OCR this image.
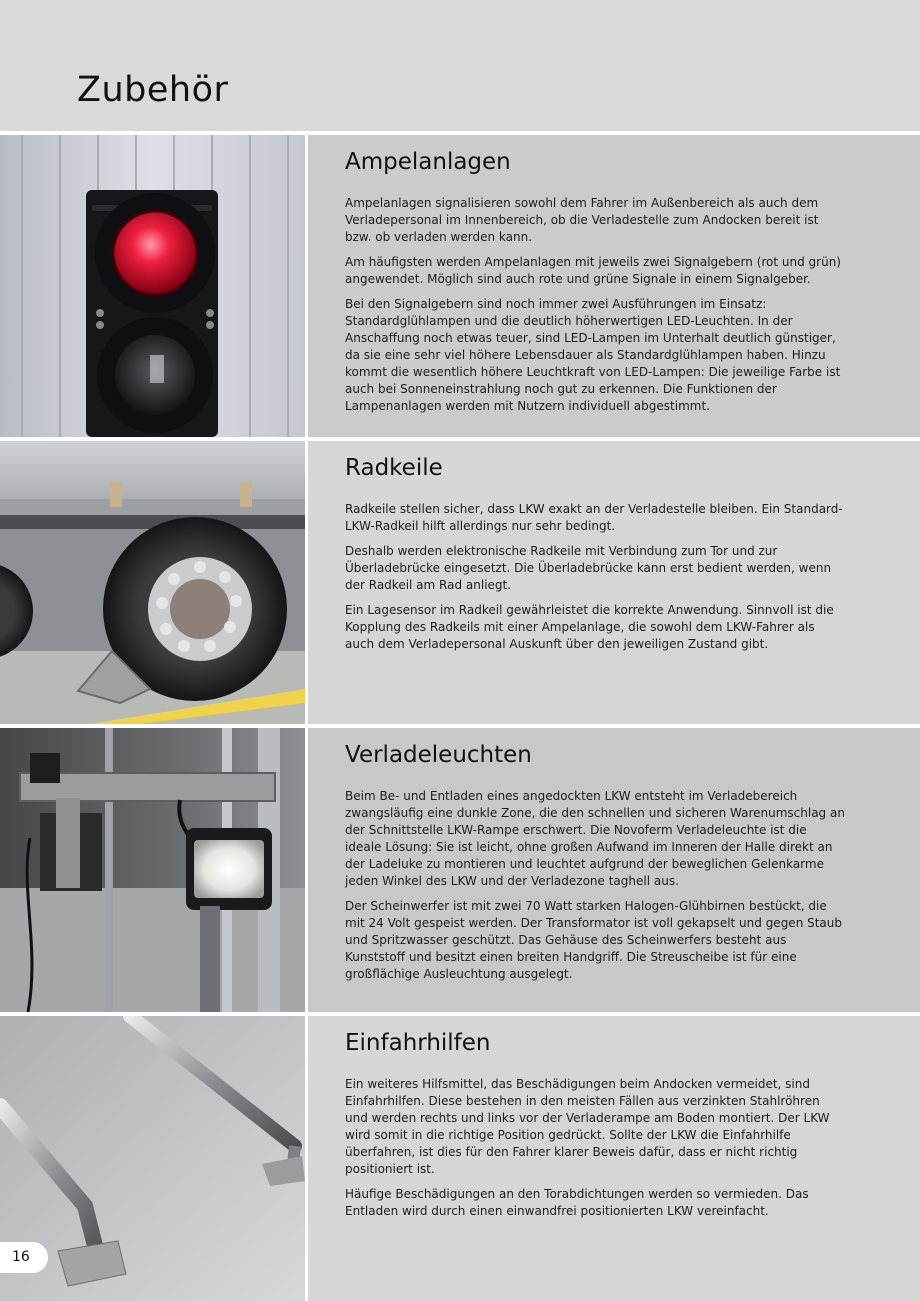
Zubehör
Ampelanlagen

Ampelanlagen signalisieren sowohl dem Fahrer im Außenbereich als auch dem Verladepersonal im Innenbereich, ob die Verladestelle zum Andocken bereit ist bzw. ob verladen werden kann.

Am häufigsten werden Ampelanlagen mit jeweils zwei Signalgebern (rot und grün) angewendet. Möglich sind auch rote und grüne Signale in einem Signalgeber.

Bei den Signalgebern sind noch immer zwei Ausführungen im Einsatz: Standardglühlampen und die deutlich höherwertigen LED-Leuchten. In der Anschaffung noch etwas teuer, sind LED-Lampen im Unterhalt deutlich günstiger, da sie eine sehr viel höhere Lebensdauer als Standardglühlampen haben. Hinzu kommt die wesentlich höhere Leuchtkraft von LED-Lampen: Die jeweilige Farbe ist auch bei Sonneneinstrahlung noch gut zu erkennen. Die Funktionen der Lampenanlagen werden mit Nutzern individuell abgestimmt.

Radkeile

Radkeile stellen sicher, dass LKW exakt an der Verladestelle bleiben. Ein Standard-LKW-Radkeil hilft allerdings nur sehr bedingt.

Deshalb werden elektronische Radkeile mit Verbindung zum Tor und zur Überladebrücke eingesetzt. Die Überladebrücke kann erst bedient werden, wenn der Radkeil am Rad anliegt.

Ein Lagesensor im Radkeil gewährleistet die korrekte Anwendung. Sinnvoll ist die Kopplung des Radkeils mit einer Ampelanlage, die sowohl dem LKW-Fahrer als auch dem Verladepersonal Auskunft über den jeweiligen Zustand gibt.

Verladeleuchten

Beim Be- und Entladen eines angedockten LKW entsteht im Verladebereich zwangsläufig eine dunkle Zone, die den schnellen und sicheren Warenumschlag an der Schnittstelle LKW-Rampe erschwert. Die Novoferm Verladeleuchte ist die ideale Lösung: Sie ist leicht, ohne großen Aufwand im Inneren der Halle direkt an der Ladeluke zu montieren und leuchtet aufgrund der beweglichen Gelenkarme jeden Winkel des LKW und der Verladezone taghell aus.

Der Scheinwerfer ist mit zwei 70 Watt starken Halogen-Glühbirnen bestückt, die mit 24 Volt gespeist werden. Der Transformator ist voll gekapselt und gegen Staub und Spritzwasser geschützt. Das Gehäuse des Scheinwerfers besteht aus Kunststoff und besitzt einen breiten Handgriff. Die Streuscheibe ist für eine großflächige Ausleuchtung ausgelegt.

Einfahrhilfen

Ein weiteres Hilfsmittel, das Beschädigungen beim Andocken vermeidet, sind Einfahrhilfen. Diese bestehen in den meisten Fällen aus verzinkten Stahlröhren und werden rechts und links vor der Verladerampe am Boden montiert. Der LKW wird somit in die richtige Position gedrückt. Sollte der LKW die Einfahrhilfe überfahren, ist dies für den Fahrer klarer Beweis dafür, dass er nicht richtig positioniert ist.

Häufige Beschädigungen an den Torabdichtungen werden so vermieden. Das Entladen wird durch einen einwandfrei positionierten LKW vereinfacht.

16
